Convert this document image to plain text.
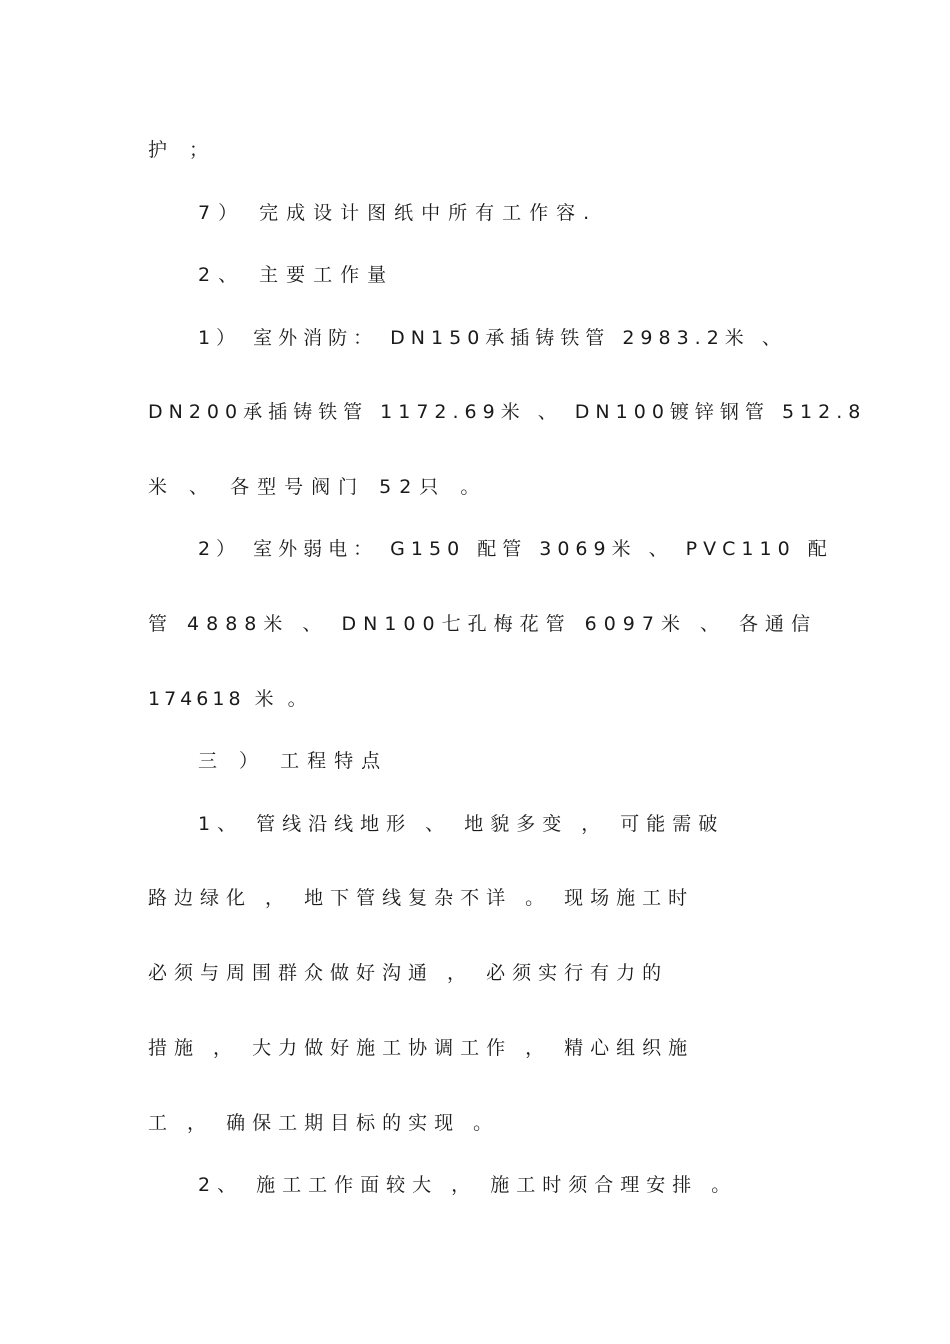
护 ；
7） 完成设计图纸中所有工作容.
2、 主要工作量
1） 室外消防： DN150承插铸铁管 2983.2米 、
DN200承插铸铁管 1172.69米 、 DN100镀锌钢管 512.8
米 、 各型号阀门 52只 。
2） 室外弱电： G150 配管 3069米 、 PVC110 配
管 4888米 、 DN100七孔梅花管 6097米 、 各通信
174618 米 。
三 ） 工程特点
1、 管线沿线地形 、 地貌多变 ， 可能需破
路边绿化 ， 地下管线复杂不详 。 现场施工时
必须与周围群众做好沟通 ， 必须实行有力的
措施 ， 大力做好施工协调工作 ， 精心组织施
工 ， 确保工期目标的实现 。
2、 施工工作面较大 ， 施工时须合理安排 。
